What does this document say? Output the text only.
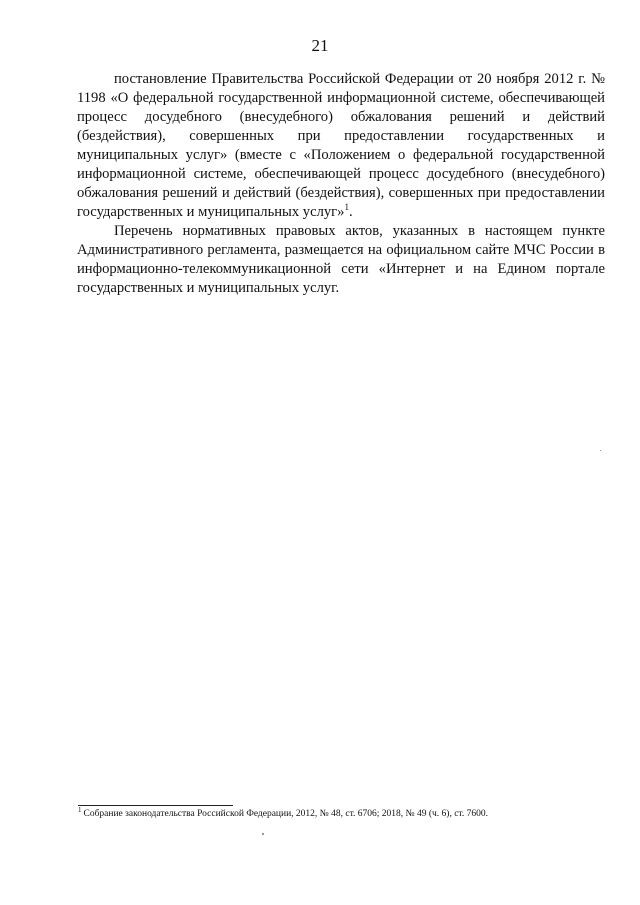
21

постановление Правительства Российской Федерации от 20 ноября 2012 г. № 1198 «О федеральной государственной информационной системе, обеспечивающей процесс досудебного (внесудебного) обжалования решений и действий (бездействия), совершенных при предоставлении государственных и муниципальных услуг» (вместе с «Положением о федеральной государственной информационной системе, обеспечивающей процесс досудебного (внесудебного) обжалования решений и действий (бездействия), совершенных при предоставлении государственных и муниципальных услуг»$^1$.

Перечень нормативных правовых актов, указанных в настоящем пункте Административного регламента, размещается на официальном сайте МЧС России в информационно-телекоммуникационной сети «Интернет и на Едином портале государственных и муниципальных услуг.

$^1$ Собрание законодательства Российской Федерации, 2012, № 48, ст. 6706; 2018, № 49 (ч. 6), ст. 7600.
